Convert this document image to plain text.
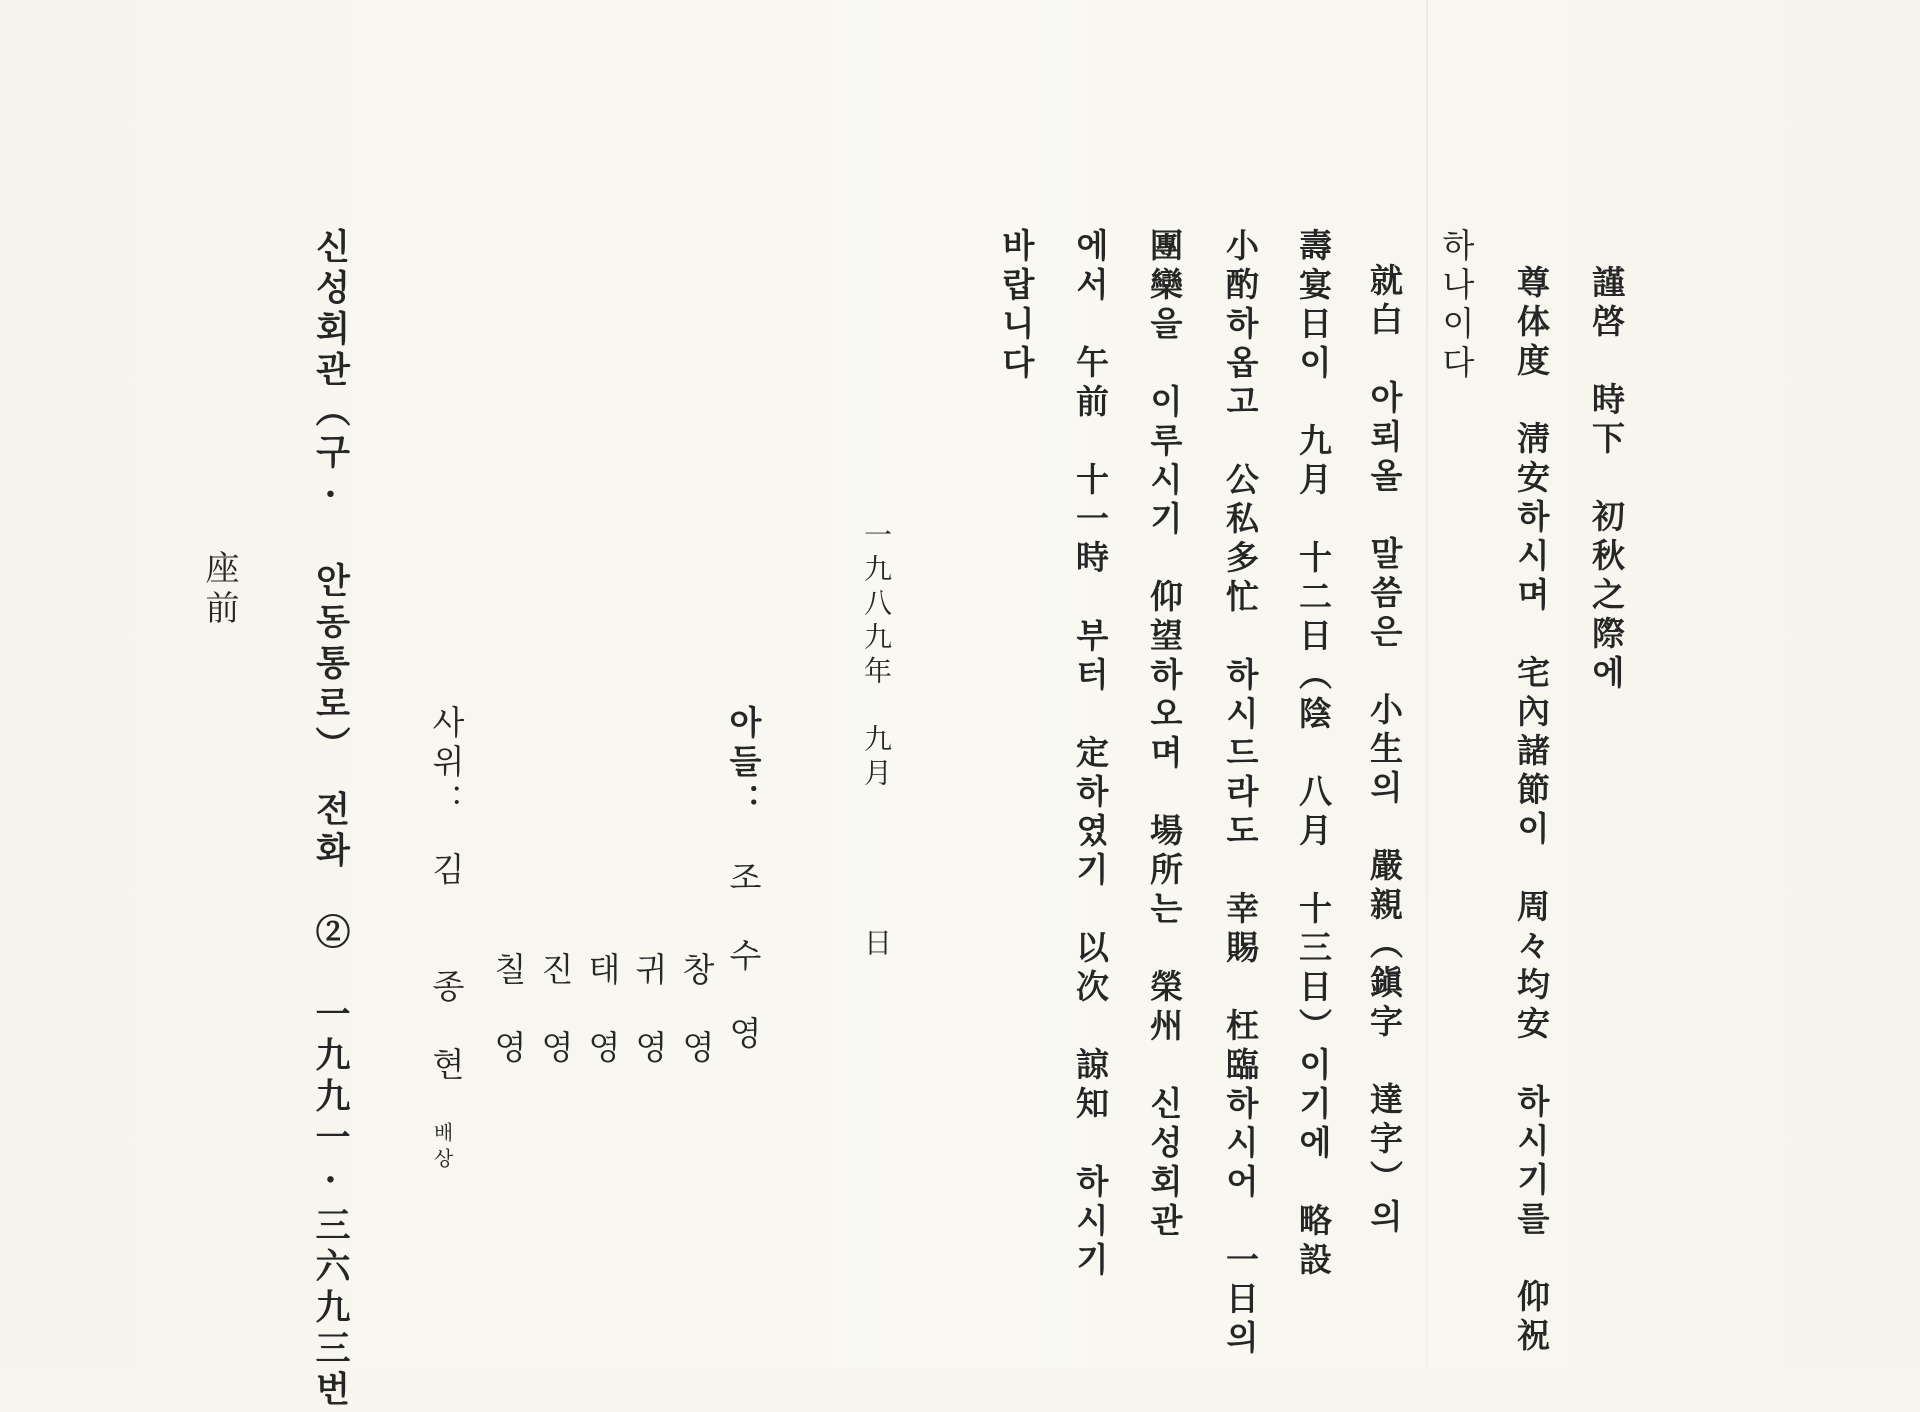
謹啓　時下　初秋之際에
尊体度　淸安하시며　宅內諸節이　周々均安　하시기를　仰祝
하나이다
就白　아뢰올　말씀은　小生의　嚴親（鎭字　達字）의
壽宴日이　九月　十二日（陰　八月　十三日）이기에　略設
小酌하옵고　公私多忙　하시드라도　幸賜　枉臨하시어　一日의
團欒을　이루시기　仰望하오며　場所는　榮州　신성회관
에서　午前　十一時　부터　定하였기　以次　諒知　하시기
바랍니다
一九八九年　九月　　　　日
아들：
조　수　영
창　영
귀　영
태　영
진　영
칠　영
사위：
김　　종　현
배상
신성회관（구·　안동통로）　전화　②　一九九一·三六九三번
座前
